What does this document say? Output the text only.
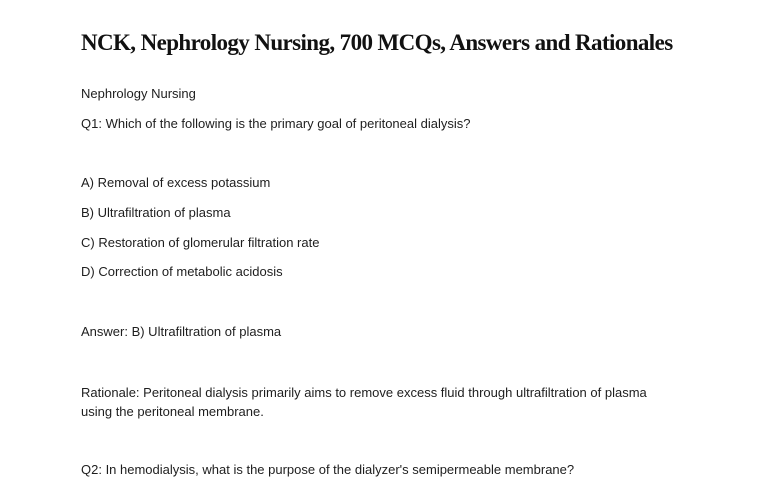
NCK, Nephrology Nursing, 700 MCQs, Answers and Rationales

Nephrology Nursing

Q1: Which of the following is the primary goal of peritoneal dialysis?

A) Removal of excess potassium

B) Ultrafiltration of plasma

C) Restoration of glomerular filtration rate

D) Correction of metabolic acidosis

Answer: B) Ultrafiltration of plasma

Rationale: Peritoneal dialysis primarily aims to remove excess fluid through ultrafiltration of plasma using the peritoneal membrane.

Q2: In hemodialysis, what is the purpose of the dialyzer's semipermeable membrane?
